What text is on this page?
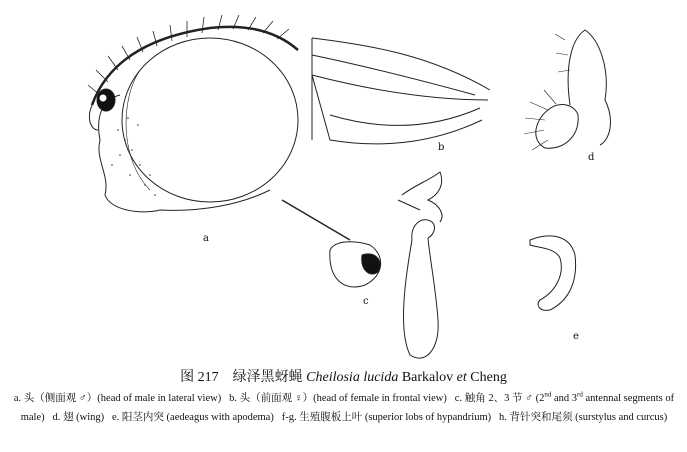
a
b
c
d
e
图 217 绿泽黑蚜蝇 Cheilosia lucida Barkalov et Cheng
a. 头（侧面观 ♂）(head of male in lateral view) b. 头（前面观 ♀）(head of female in frontal view) c. 触角 2、3 节 ♂ (2nd and 3rd antennal segments of male) d. 翅 (wing) e. 阳茎内突 (aedeagus with apodema) f-g. 生殖腹板上叶 (superior lobs of hypandrium) h. 背针突和尾须 (surstylus and curcus)
